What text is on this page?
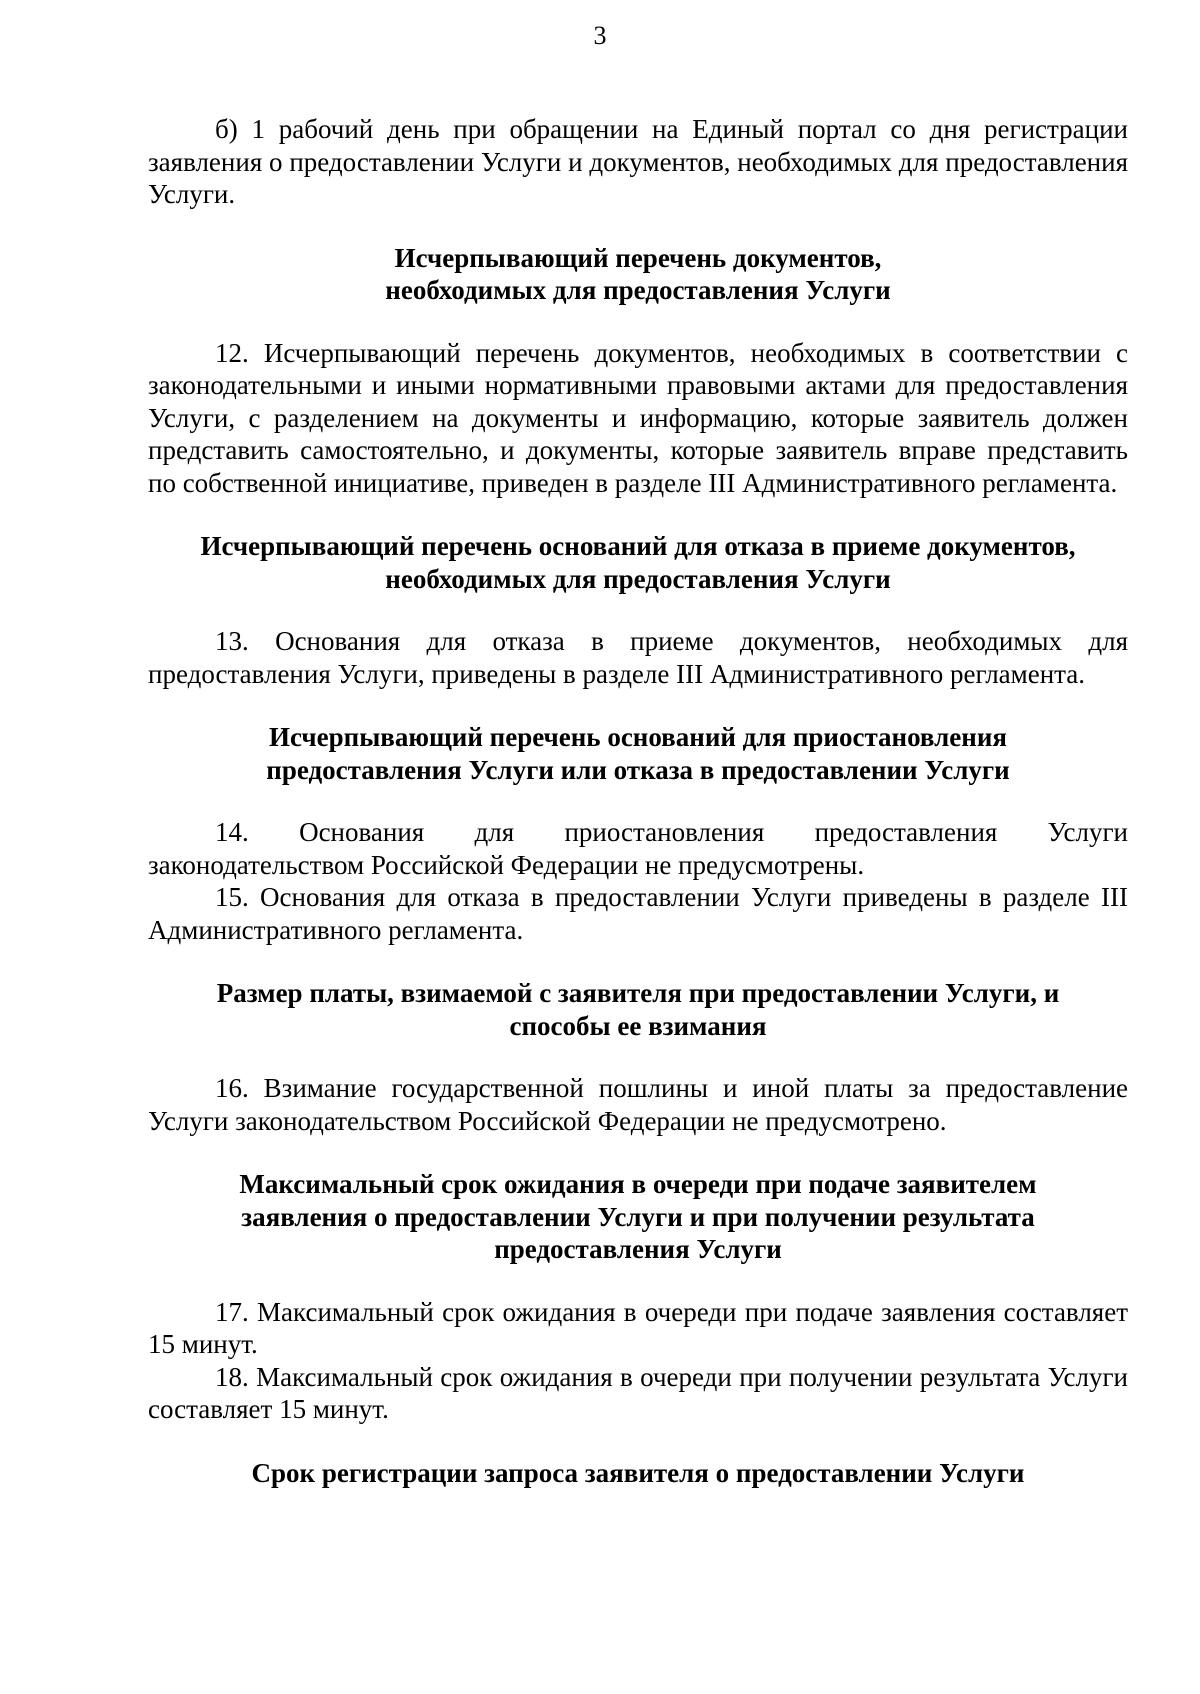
3

б) 1 рабочий день при обращении на Единый портал со дня регистрации заявления о предоставлении Услуги и документов, необходимых для предоставления Услуги.

Исчерпывающий перечень документов,
необходимых для предоставления Услуги

12. Исчерпывающий перечень документов, необходимых в соответствии с законодательными и иными нормативными правовыми актами для предоставления Услуги, с разделением на документы и информацию, которые заявитель должен представить самостоятельно, и документы, которые заявитель вправе представить по собственной инициативе, приведен в разделе III Административного регламента.

Исчерпывающий перечень оснований для отказа в приеме документов,
необходимых для предоставления Услуги

13. Основания для отказа в приеме документов, необходимых для предоставления Услуги, приведены в разделе III Административного регламента.

Исчерпывающий перечень оснований для приостановления
предоставления Услуги или отказа в предоставлении Услуги

14. Основания для приостановления предоставления Услуги законодательством Российской Федерации не предусмотрены.

15. Основания для отказа в предоставлении Услуги приведены в разделе III Административного регламента.

Размер платы, взимаемой с заявителя при предоставлении Услуги, и
способы ее взимания

16. Взимание государственной пошлины и иной платы за предоставление Услуги законодательством Российской Федерации не предусмотрено.

Максимальный срок ожидания в очереди при подаче заявителем
заявления о предоставлении Услуги и при получении результата
предоставления Услуги

17. Максимальный срок ожидания в очереди при подаче заявления составляет 15 минут.

18. Максимальный срок ожидания в очереди при получении результата Услуги составляет 15 минут.

Срок регистрации запроса заявителя о предоставлении Услуги
